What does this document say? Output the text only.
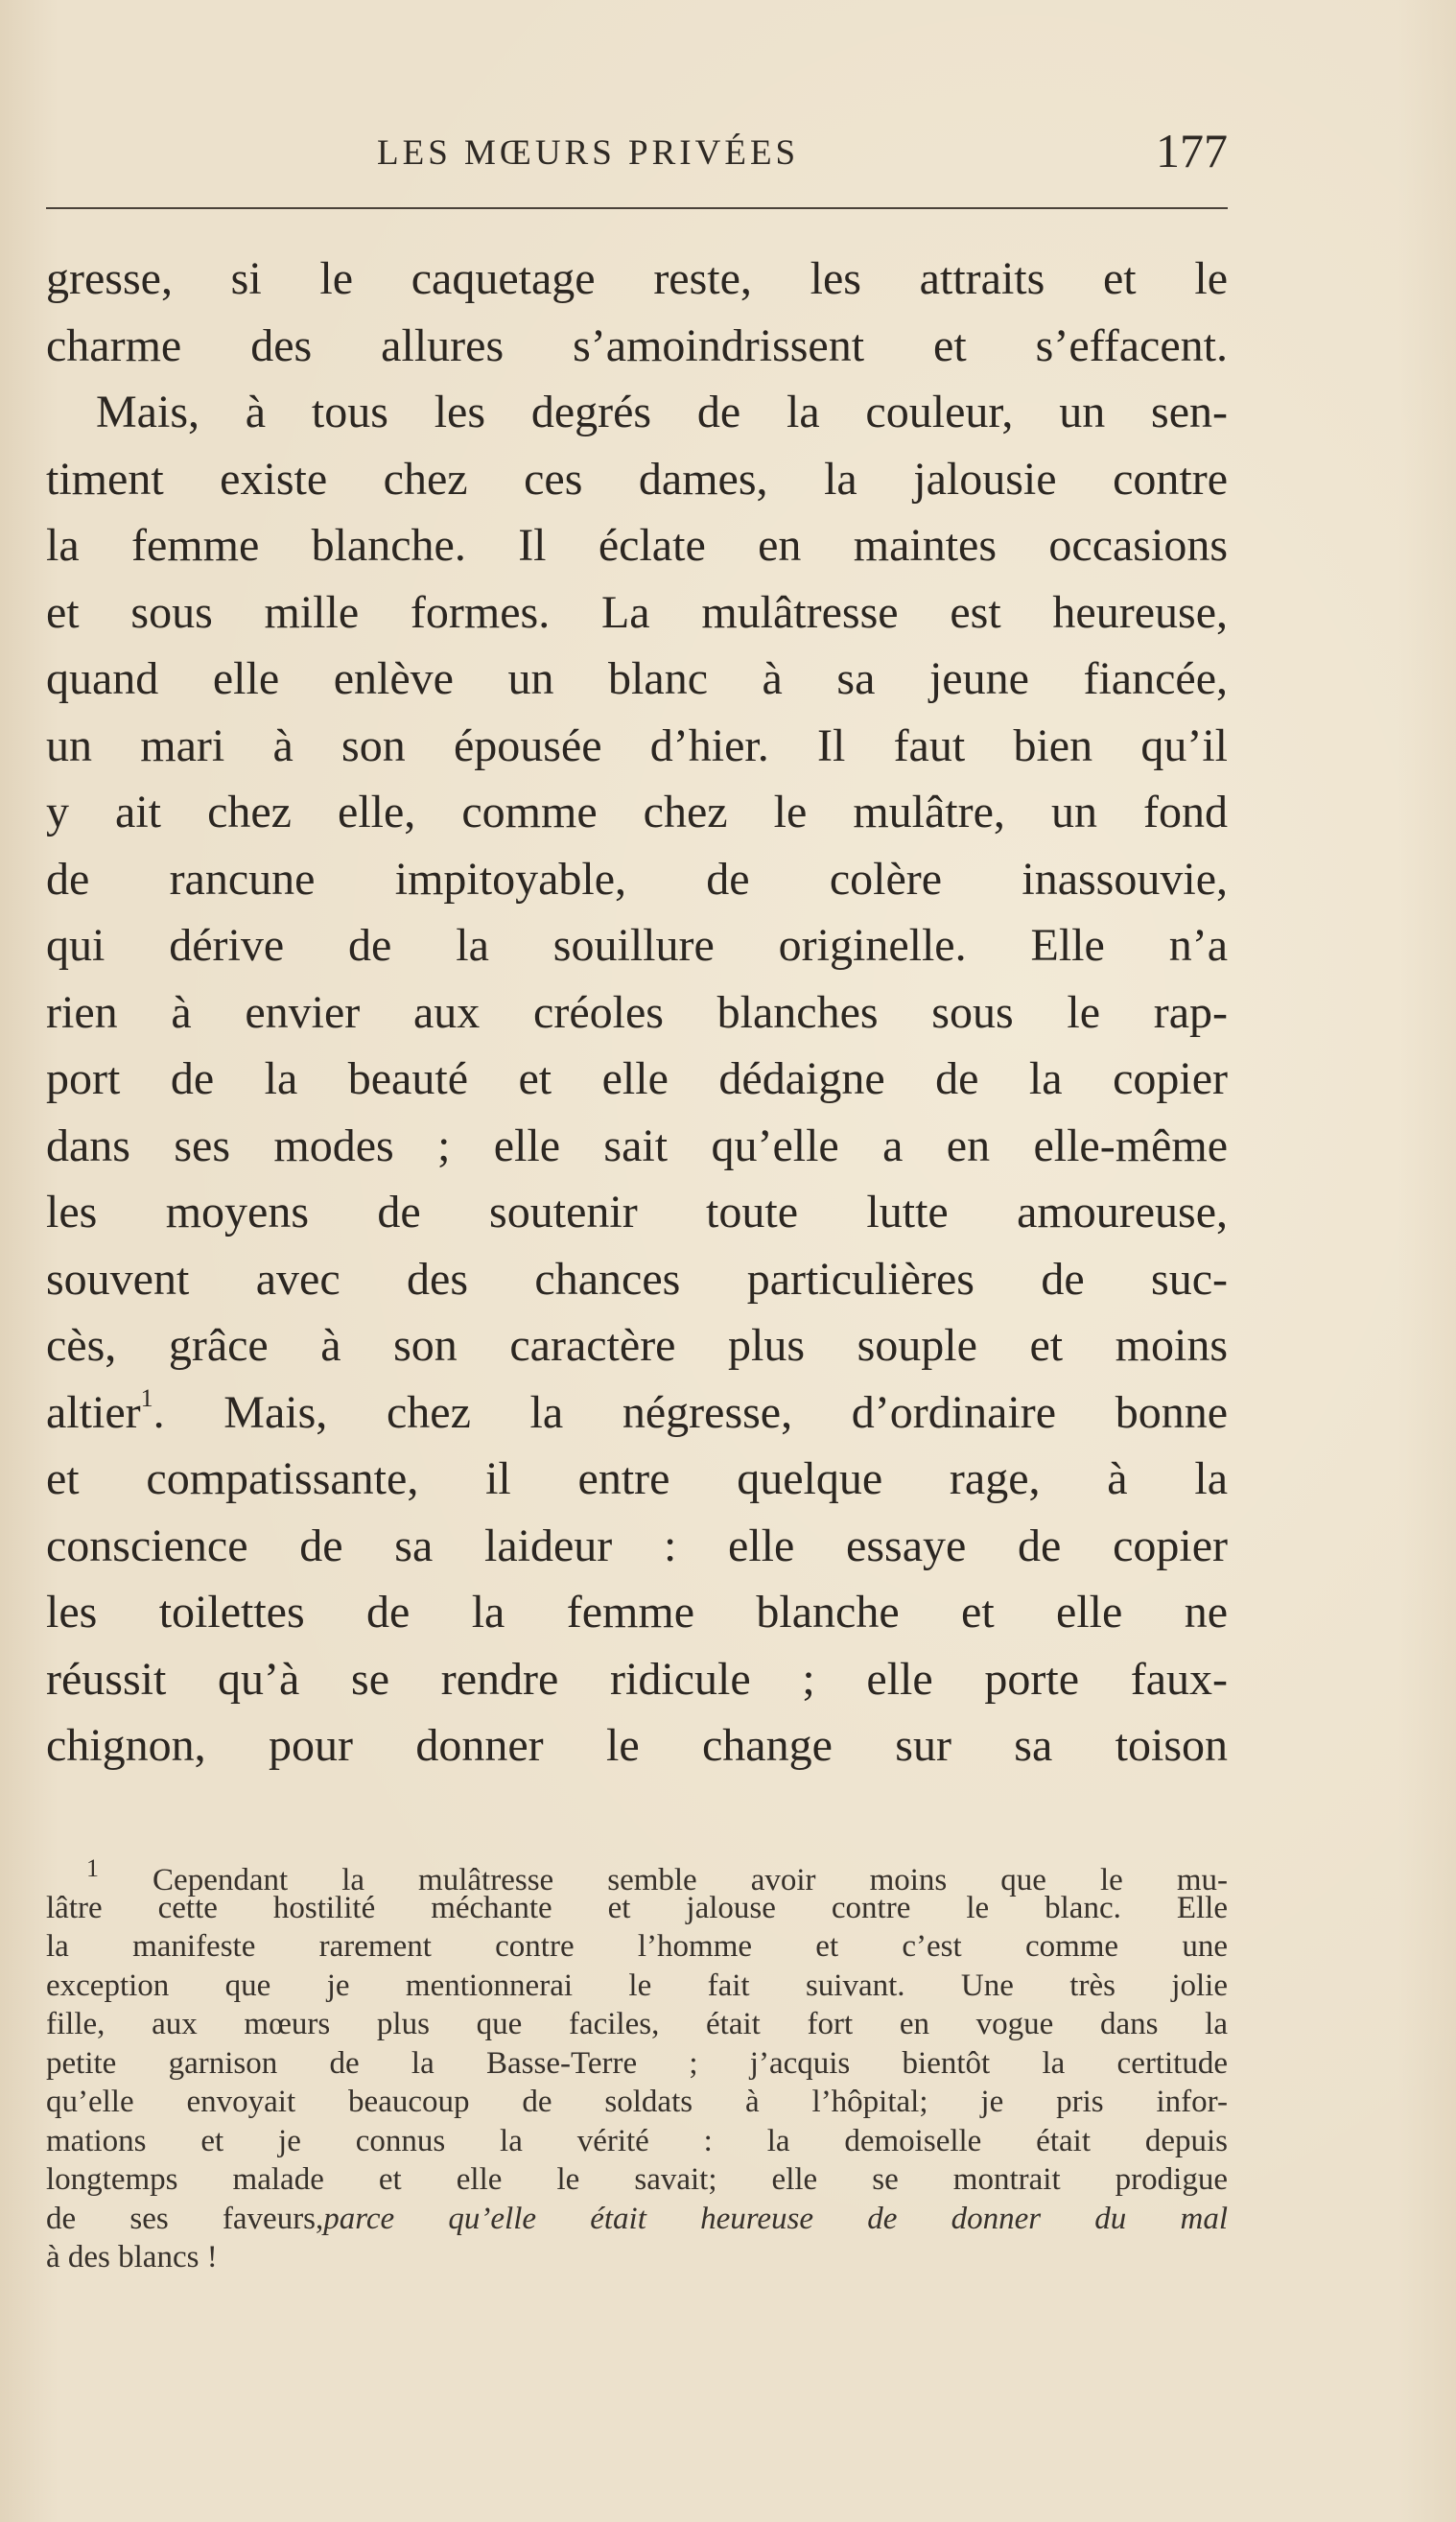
LES MŒURS PRIVÉES	177
gresse, si le caquetage reste, les attraits et le
charme des allures s’amoindrissent et s’effacent.
Mais, à tous les degrés de la couleur, un sen-
timent existe chez ces dames, la jalousie contre
la femme blanche. Il éclate en maintes occasions
et sous mille formes. La mulâtresse est heureuse,
quand elle enlève un blanc à sa jeune fiancée,
un mari à son épousée d’hier. Il faut bien qu’il
y ait chez elle, comme chez le mulâtre, un fond
de rancune impitoyable, de colère inassouvie,
qui dérive de la souillure originelle. Elle n’a
rien à envier aux créoles blanches sous le rap-
port de la beauté et elle dédaigne de la copier
dans ses modes ; elle sait qu’elle a en elle-même
les moyens de soutenir toute lutte amoureuse,
souvent avec des chances particulières de suc-
cès, grâce à son caractère plus souple et moins
altier$^1$. Mais, chez la négresse, d’ordinaire bonne
et compatissante, il entre quelque rage, à la
conscience de sa laideur : elle essaye de copier
les toilettes de la femme blanche et elle ne
réussit qu’à se rendre ridicule ; elle porte faux-
chignon, pour donner le change sur sa toison
$^1$ Cependant la mulâtresse semble avoir moins que le mu-
lâtre cette hostilité méchante et jalouse contre le blanc. Elle
la manifeste rarement contre l’homme et c’est comme une
exception que je mentionnerai le fait suivant. Une très jolie
fille, aux mœurs plus que faciles, était fort en vogue dans la
petite garnison de la Basse-Terre ; j’acquis bientôt la certitude
qu’elle envoyait beaucoup de soldats à l’hôpital; je pris infor-
mations et je connus la vérité : la demoiselle était depuis
longtemps malade et elle le savait; elle se montrait prodigue
de ses faveurs,parce qu’elle était heureuse de donner du mal
à des blancs !
